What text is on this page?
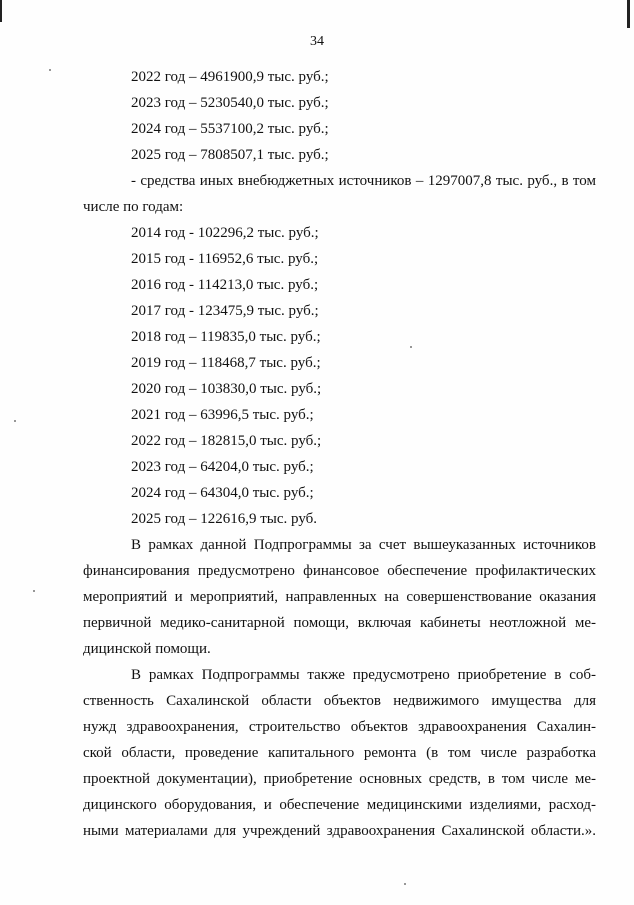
34
2022 год – 4961900,9 тыс. руб.;
2023 год – 5230540,0 тыс. руб.;
2024 год – 5537100,2 тыс. руб.;
2025 год – 7808507,1 тыс. руб.;
- средства иных внебюджетных источников – 1297007,8 тыс. руб., в том
числе по годам:
2014 год - 102296,2 тыс. руб.;
2015 год - 116952,6 тыс. руб.;
2016 год - 114213,0 тыс. руб.;
2017 год - 123475,9 тыс. руб.;
2018 год – 119835,0 тыс. руб.;
2019 год – 118468,7 тыс. руб.;
2020 год – 103830,0 тыс. руб.;
2021 год – 63996,5 тыс. руб.;
2022 год – 182815,0 тыс. руб.;
2023 год – 64204,0 тыс. руб.;
2024 год – 64304,0 тыс. руб.;
2025 год – 122616,9 тыс. руб.
В рамках данной Подпрограммы за счет вышеуказанных источников
финансирования предусмотрено финансовое обеспечение профилактических
мероприятий и мероприятий, направленных на совершенствование оказания
первичной медико-санитарной помощи, включая кабинеты неотложной ме-
дицинской помощи.
В рамках Подпрограммы также предусмотрено приобретение в соб-
ственность Сахалинской области объектов недвижимого имущества для
нужд здравоохранения, строительство объектов здравоохранения Сахалин-
ской области, проведение капитального ремонта (в том числе разработка
проектной документации), приобретение основных средств, в том числе ме-
дицинского оборудования, и обеспечение медицинскими изделиями, расход-
ными материалами для учреждений здравоохранения Сахалинской области.».
